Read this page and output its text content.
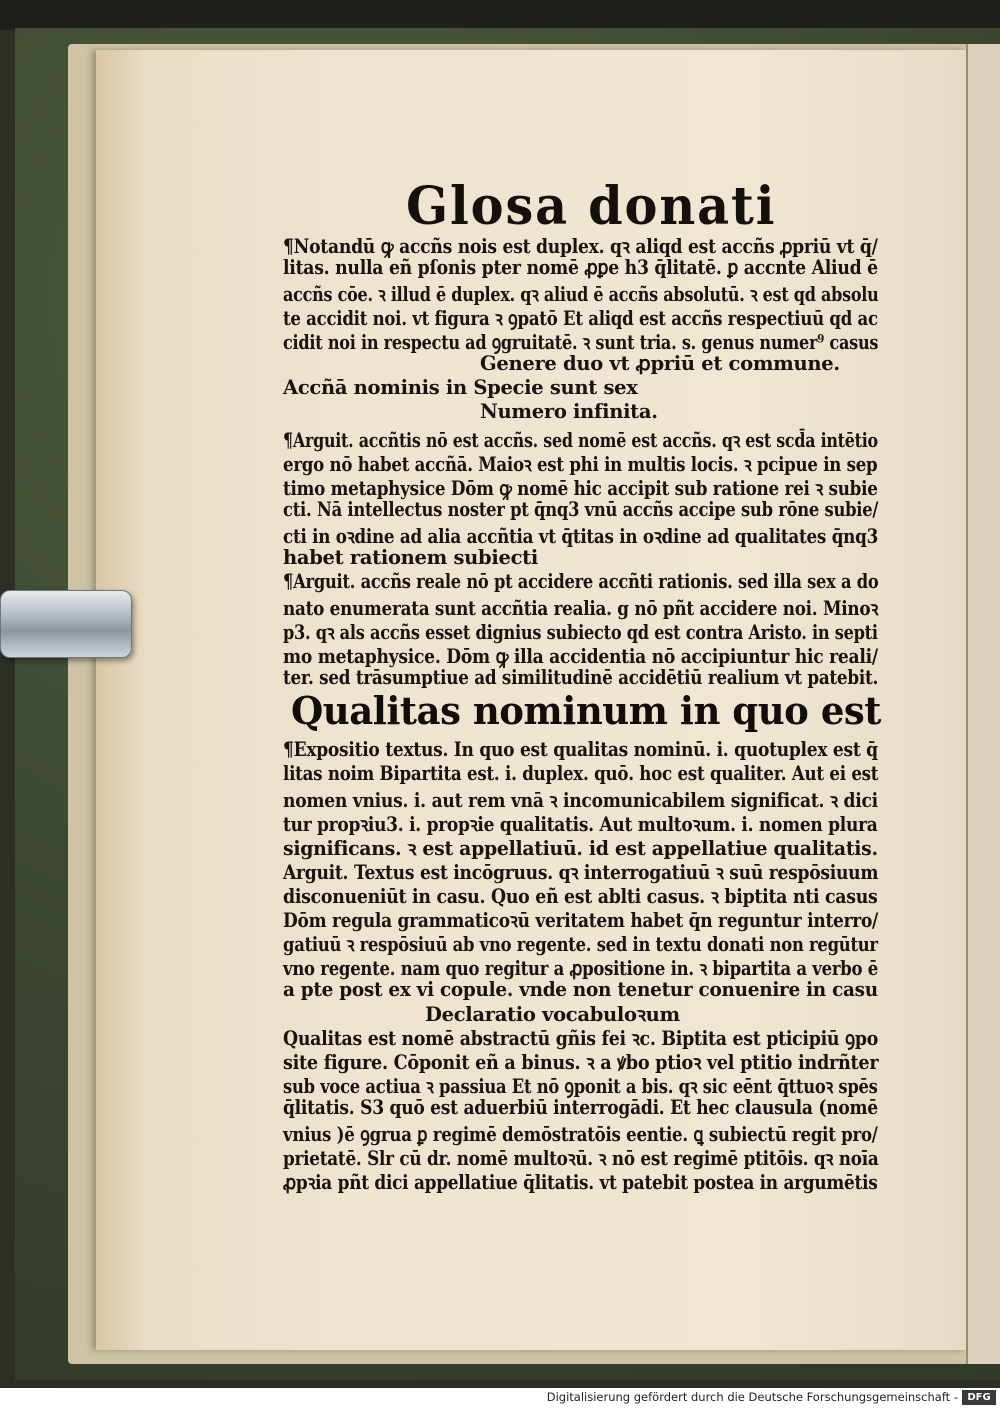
Glosa donati
¶Notandū ꝙ accñs nois est duplex. qꝛ aliqd est accñs ꝓpriū vt q̄/
litas. nulla eñ pſonis pter nomē ꝓꝑe h3 q̄litatē. ꝑ accnte Aliud ē
accñs cōe. ꝛ illud ē duplex. qꝛ aliud ē accñs absolutū. ꝛ est qd absolu
te accidit noi. vt figura ꝛ ꝯpatō Et aliqd est accñs respectiuū qd ac
cidit noi in respectu ad ꝯgruitatē. ꝛ sunt tria. s. genus numer⁹ casus
Genere duo vt ꝓpriū et commune.
Accñā nominis in Specie sunt sex
Numero infinita.
¶Arguit. accñtis nō est accñs. sed nomē est accñs. qꝛ est scd̄a intētio
ergo nō habet accñā. Maioꝛ est phi in multis locis. ꝛ pcipue in sep
timo metaphysice Dōm ꝙ nomē hic accipit sub ratione rei ꝛ subie
cti. Nā intellectus noster pt q̄nq3 vnū accñs accipe sub rōne subie/
cti in oꝛdine ad alia accñtia vt q̄titas in oꝛdine ad qualitates q̄nq3
habet rationem subiecti
¶Arguit. accñs reale nō pt accidere accñti rationis. sed illa sex a do
nato enumerata sunt accñtia realia. g nō pñt accidere noi. Minoꝛ
p3. qꝛ als accñs esset dignius subiecto qd est contra Aristo. in septi
mo metaphysice. Dōm ꝙ illa accidentia nō accipiuntur hic reali/
ter. sed trāsumptiue ad similitudinē accidētiū realium vt patebit.
Qualitas nominum in quo est
¶Expositio textus. In quo est qualitas nominū. i. quotuplex est q̄
litas noim Bipartita est. i. duplex. quō. hoc est qualiter. Aut ei est
nomen vnius. i. aut rem vnā ꝛ incomunicabilem significat. ꝛ dici
tur propꝛiu3. i. propꝛie qualitatis. Aut multoꝛum. i. nomen plura
significans. ꝛ est appellatiuū. id est appellatiue qualitatis.
Arguit. Textus est incōgruus. qꝛ interrogatiuū ꝛ suū respōsiuum
disconueniūt in casu. Quo eñ est ablti casus. ꝛ biptita nti casus
Dōm regula grammaticoꝛū veritatem habet q̄n reguntur interro/
gatiuū ꝛ respōsiuū ab vno regente. sed in textu donati non regūtur
vno regente. nam quo regitur a ꝓpositione in. ꝛ bipartita a verbo ē
a pte post ex vi copule. vnde non tenetur conuenire in casu
Declaratio vocabuloꝛum
Qualitas est nomē abstractū gñis fei ꝛc. Biptita est pticipiū ꝯpo
site figure. Cōponit eñ a binus. ꝛ a ꝟbo ptioꝛ vel ptitio indrñter
sub voce actiua ꝛ passiua Et nō ꝯponit a bis. qꝛ sic eēnt q̄ttuoꝛ spēs
q̄litatis. S3 quō est aduerbiū interrogādi. Et hec clausula (nomē
vnius )ē ꝯgrua ꝑ regimē demōstratōis eentie. ꝗ subiectū regit pro/
prietatē. Slr cū dr. nomē multoꝛū. ꝛ nō est regimē ptitōis. qꝛ noīa
ꝓpꝛia pñt dici appellatiue q̄litatis. vt patebit postea in argumētis
Digitalisierung gefördert durch die Deutsche Forschungsgemeinschaft - DFG
